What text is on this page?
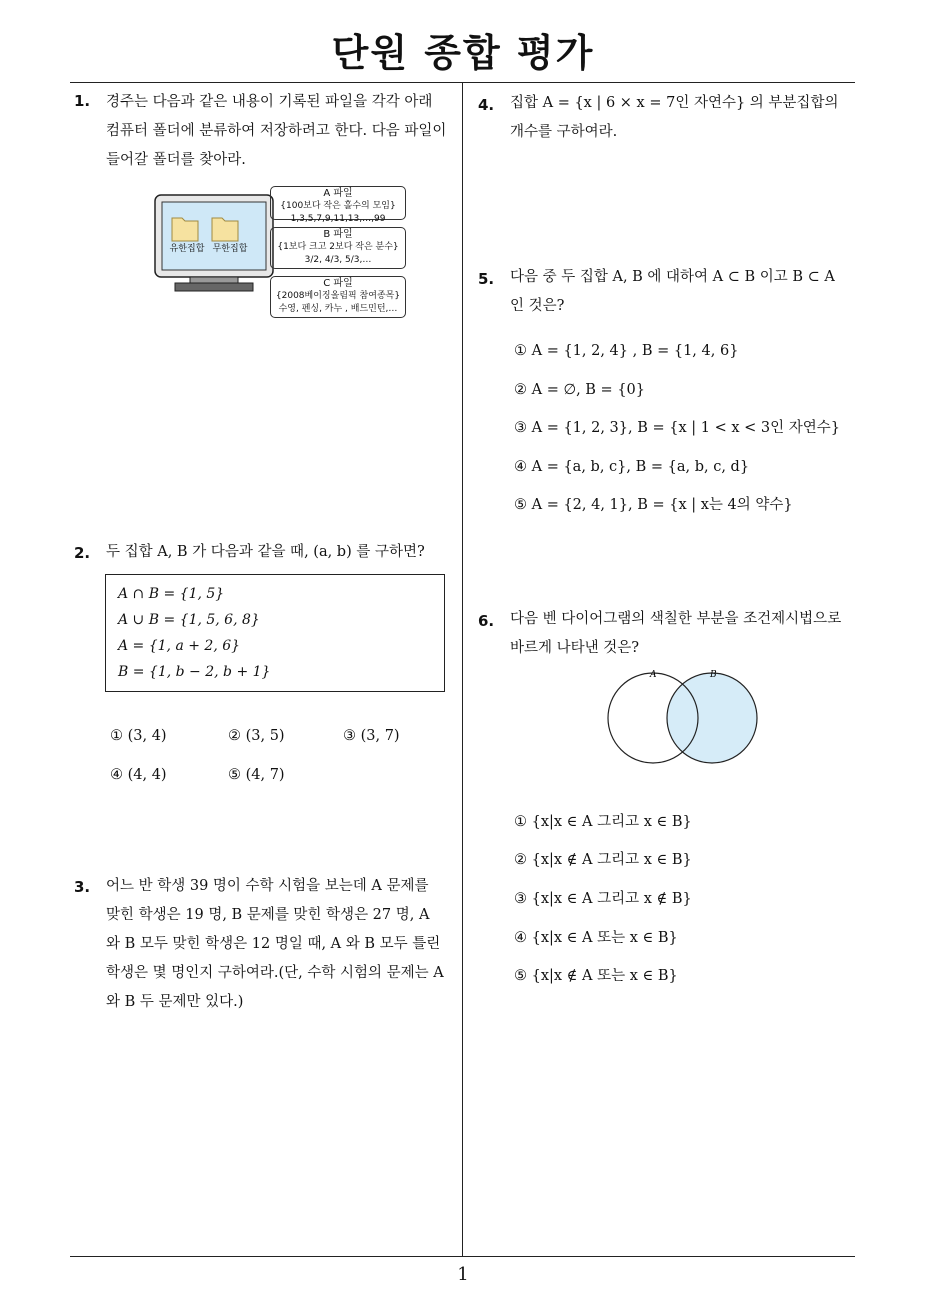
단원 종합 평가
1
1. 경주는 다음과 같은 내용이 기록된 파일을 각각 아래
컴퓨터 폴더에 분류하여 저장하려고 한다. 다음 파일이
들어갈 폴더를 찾아라.
유한집합 무한집합
A 파일
{100보다 작은 홀수의 모임}
1,3,5,7,9,11,13,…,99
B 파일
{1보다 크고 2보다 작은 분수}
3/2, 4/3, 5/3,…
C 파일
{2008베이징올림픽 참여종목}
수영, 펜싱, 카누 , 배드민턴,…
2. 두 집합 A, B 가 다음과 같을 때, (a, b) 를 구하면?
A ∩ B = {1, 5}
A ∪ B = {1, 5, 6, 8}
A = {1, a + 2, 6}
B = {1, b − 2, b + 1}
① (3, 4)	② (3, 5)	③ (3, 7)
④ (4, 4)	⑤ (4, 7)
3. 어느 반 학생 39 명이 수학 시험을 보는데 A 문제를
맞힌 학생은 19 명, B 문제를 맞힌 학생은 27 명, A
와 B 모두 맞힌 학생은 12 명일 때, A 와 B 모두 틀린
학생은 몇 명인지 구하여라.(단, 수학 시험의 문제는 A
와 B 두 문제만 있다.)
4. 집합 A = {x | 6 × x = 7인 자연수} 의 부분집합의
개수를 구하여라.
5. 다음 중 두 집합 A, B 에 대하여 A ⊂ B 이고 B ⊂ A
인 것은?
① A = {1, 2, 4} , B = {1, 4, 6}
② A = ∅, B = {0}
③ A = {1, 2, 3}, B = {x | 1 < x < 3인 자연수}
④ A = {a, b, c}, B = {a, b, c, d}
⑤ A = {2, 4, 1}, B = {x | x는 4의 약수}
6. 다음 벤 다이어그램의 색칠한 부분을 조건제시법으로
바르게 나타낸 것은?
A	B
① {x|x ∈ A 그리고 x ∈ B}
② {x|x ∉ A 그리고 x ∈ B}
③ {x|x ∈ A 그리고 x ∉ B}
④ {x|x ∈ A 또는 x ∈ B}
⑤ {x|x ∉ A 또는 x ∈ B}
